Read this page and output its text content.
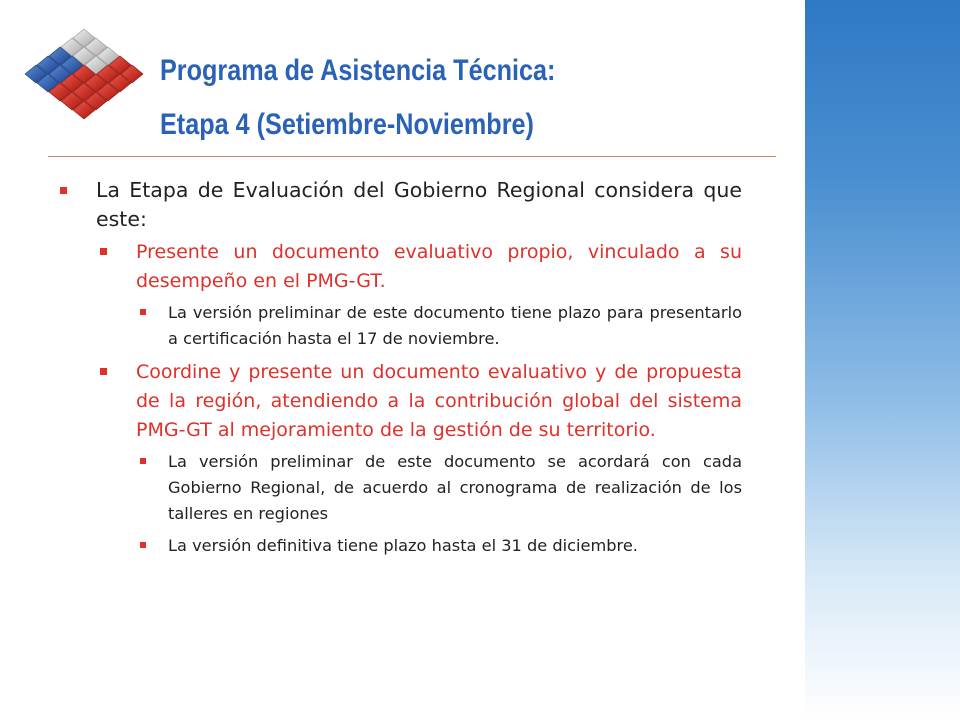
Programa de Asistencia Técnica:
Etapa 4 (Setiembre-Noviembre)
La Etapa de Evaluación del Gobierno Regional considera que este:
Presente un documento evaluativo propio, vinculado a su desempeño en el PMG-GT.
La versión preliminar de este documento tiene plazo para presentarlo a certificación hasta el 17 de noviembre.
Coordine y presente un documento evaluativo y de propuesta de la región, atendiendo a la contribución global del sistema PMG-GT al mejoramiento de la gestión de su territorio.
La versión preliminar de este documento se acordará con cada Gobierno Regional, de acuerdo al cronograma de realización de los talleres en regiones
La versión definitiva tiene plazo hasta el 31 de diciembre.
